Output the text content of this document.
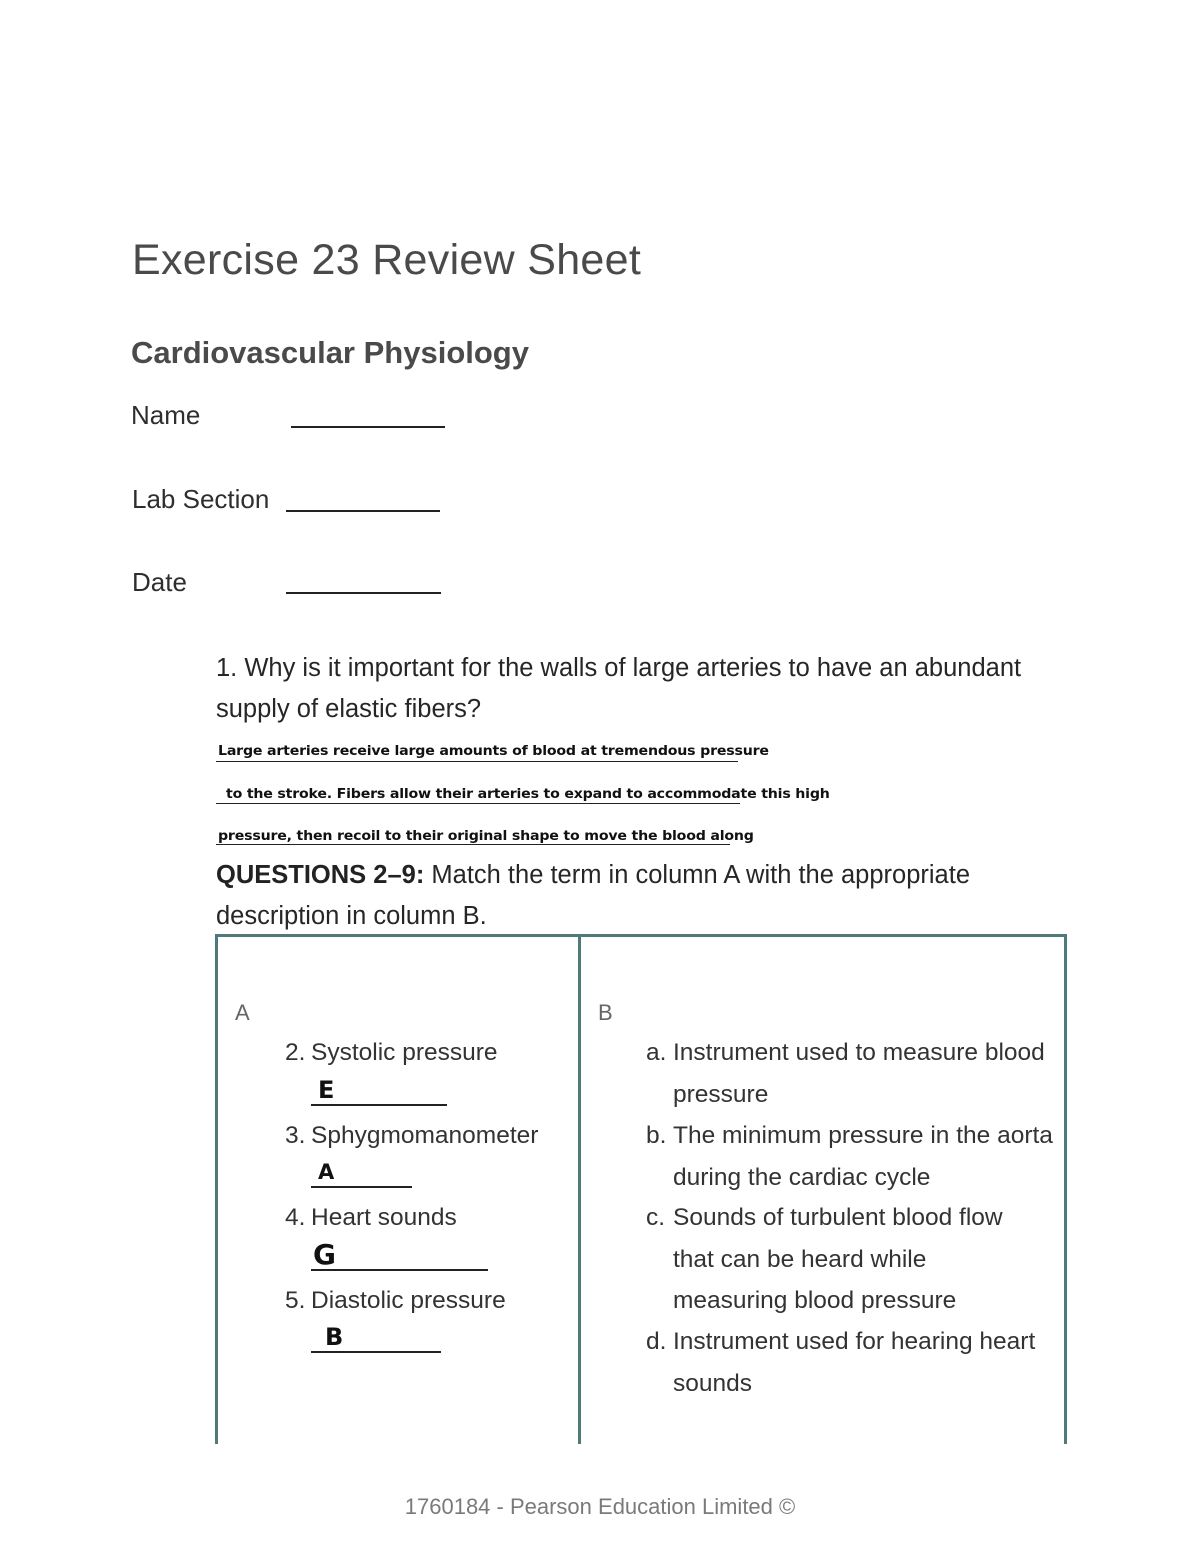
Exercise 23 Review Sheet
Cardiovascular Physiology
Name
Lab Section
Date
1. Why is it important for the walls of large arteries to have an abundant supply of elastic fibers?
Large arteries receive large amounts of blood at tremendous pressure
to the stroke. Fibers allow their arteries to expand to accommodate this high
pressure, then recoil to their original shape to move the blood along
QUESTIONS 2–9: Match the term in column A with the appropriate description in column B.
A	B
2. Systolic pressure
E
3. Sphygmomanometer
A
4. Heart sounds
G
5. Diastolic pressure
B
a. Instrument used to measure blood pressure
b. The minimum pressure in the aorta during the cardiac cycle
c. Sounds of turbulent blood flow that can be heard while measuring blood pressure
d. Instrument used for hearing heart sounds
1760184 - Pearson Education Limited ©
